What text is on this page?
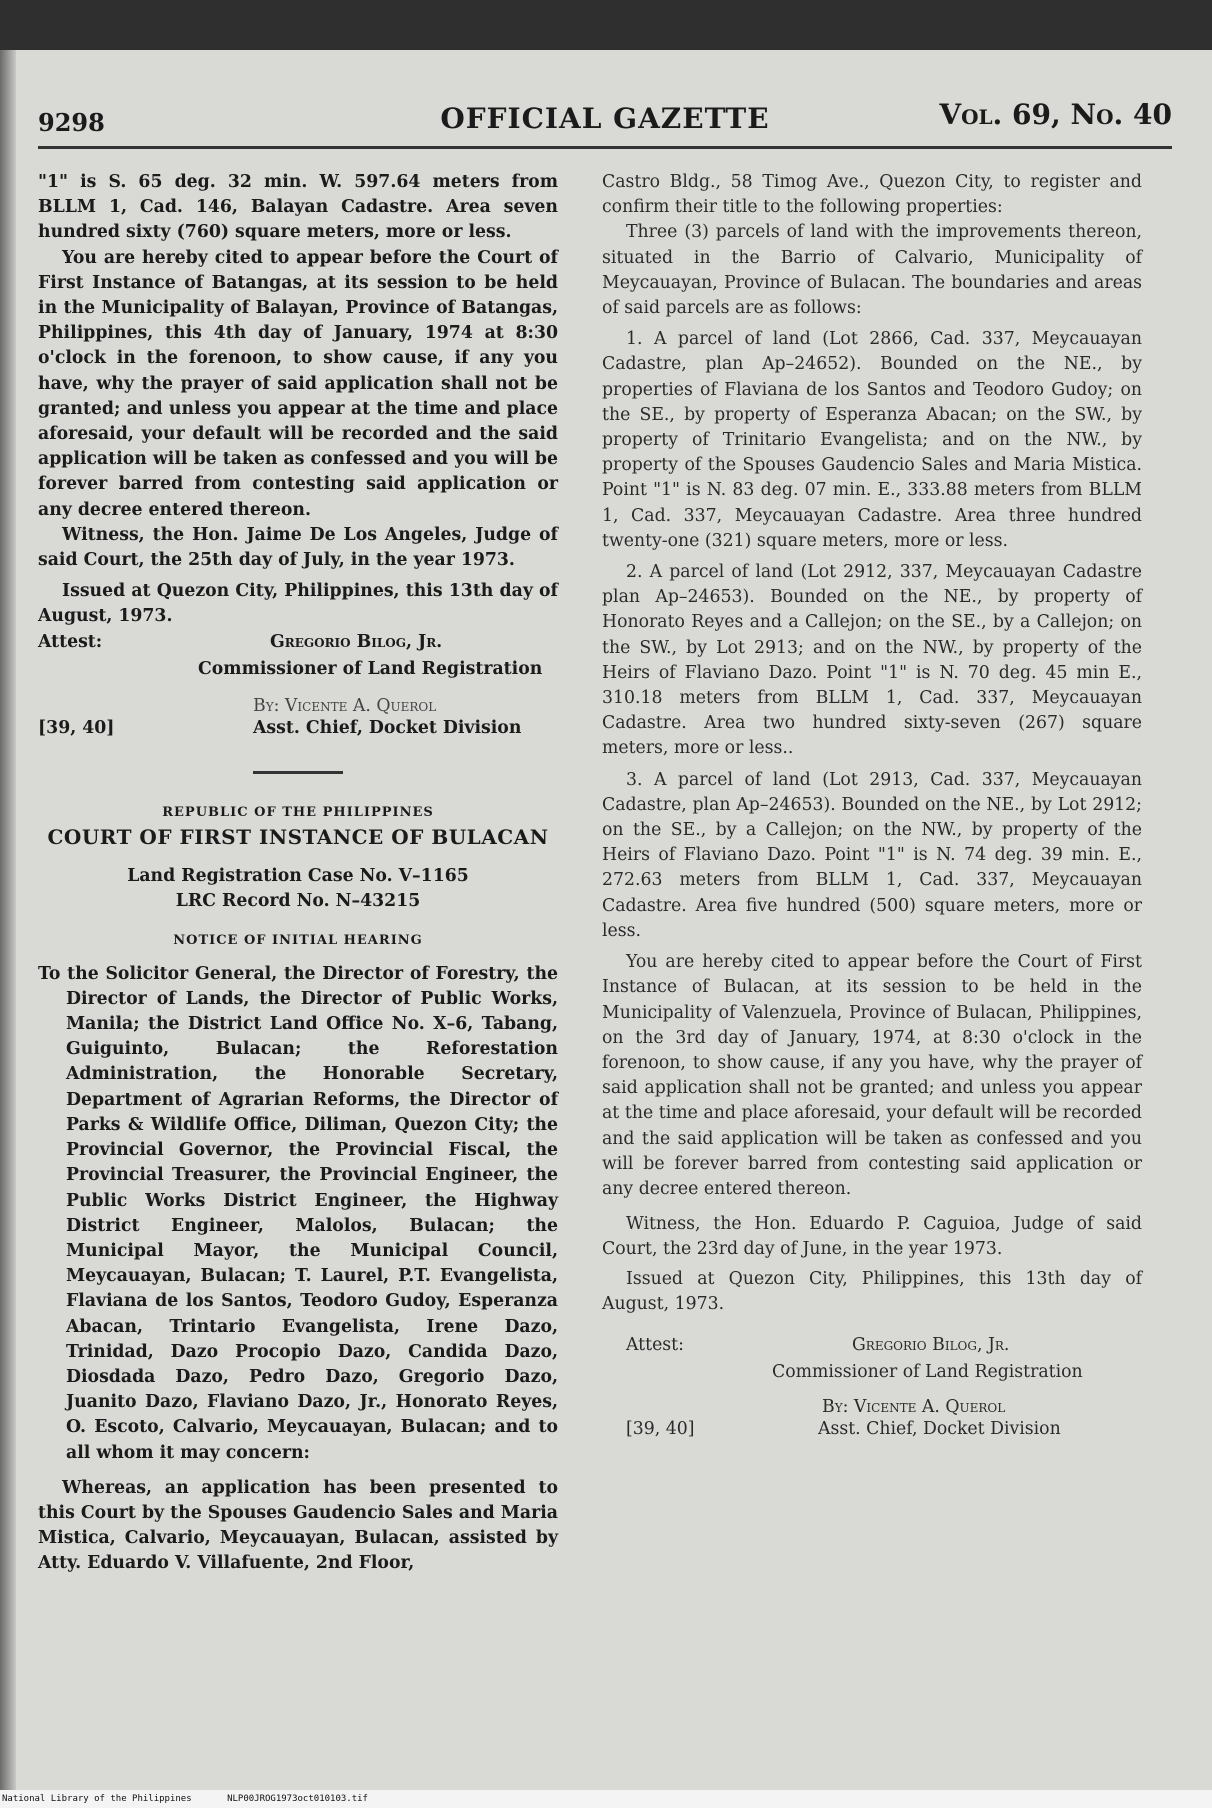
9298	OFFICIAL GAZETTE	Vol. 69, No. 40

"1" is S. 65 deg. 32 min. W. 597.64 meters from BLLM 1, Cad. 146, Balayan Cadastre. Area seven hundred sixty (760) square meters, more or less.

You are hereby cited to appear before the Court of First Instance of Batangas, at its session to be held in the Municipality of Balayan, Province of Batangas, Philippines, this 4th day of January, 1974 at 8:30 o'clock in the forenoon, to show cause, if any you have, why the prayer of said application shall not be granted; and unless you appear at the time and place aforesaid, your default will be recorded and the said application will be taken as confessed and you will be forever barred from contesting said application or any decree entered thereon.

Witness, the Hon. Jaime De Los Angeles, Judge of said Court, the 25th day of July, in the year 1973.

Issued at Quezon City, Philippines, this 13th day of August, 1973.

Attest:	Gregorio Bilog, Jr.
Commissioner of Land Registration
By: Vicente A. Querol
[39, 40]	Asst. Chief, Docket Division

REPUBLIC OF THE PHILIPPINES

COURT OF FIRST INSTANCE OF BULACAN

Land Registration Case No. V–1165

LRC Record No. N–43215

NOTICE OF INITIAL HEARING

To the Solicitor General, the Director of Forestry, the Director of Lands, the Director of Public Works, Manila; the District Land Office No. X–6, Tabang, Guiguinto, Bulacan; the Reforestation Administration, the Honorable Secretary, Department of Agrarian Reforms, the Director of Parks & Wildlife Office, Diliman, Quezon City; the Provincial Governor, the Provincial Fiscal, the Provincial Treasurer, the Provincial Engineer, the Public Works District Engineer, the Highway District Engineer, Malolos, Bulacan; the Municipal Mayor, the Municipal Council, Meycauayan, Bulacan; T. Laurel, P.T. Evangelista, Flaviana de los Santos, Teodoro Gudoy, Esperanza Abacan, Trintario Evangelista, Irene Dazo, Trinidad, Dazo Procopio Dazo, Candida Dazo, Diosdada Dazo, Pedro Dazo, Gregorio Dazo, Juanito Dazo, Flaviano Dazo, Jr., Honorato Reyes, O. Escoto, Calvario, Meycauayan, Bulacan; and to all whom it may concern:

Whereas, an application has been presented to this Court by the Spouses Gaudencio Sales and Maria Mistica, Calvario, Meycauayan, Bulacan, assisted by Atty. Eduardo V. Villafuente, 2nd Floor,

Castro Bldg., 58 Timog Ave., Quezon City, to register and confirm their title to the following properties:

Three (3) parcels of land with the improvements thereon, situated in the Barrio of Calvario, Municipality of Meycauayan, Province of Bulacan. The boundaries and areas of said parcels are as follows:

1. A parcel of land (Lot 2866, Cad. 337, Meycauayan Cadastre, plan Ap–24652). Bounded on the NE., by properties of Flaviana de los Santos and Teodoro Gudoy; on the SE., by property of Esperanza Abacan; on the SW., by property of Trinitario Evangelista; and on the NW., by property of the Spouses Gaudencio Sales and Maria Mistica. Point "1" is N. 83 deg. 07 min. E., 333.88 meters from BLLM 1, Cad. 337, Meycauayan Cadastre. Area three hundred twenty-one (321) square meters, more or less.

2. A parcel of land (Lot 2912, 337, Meycauayan Cadastre plan Ap–24653). Bounded on the NE., by property of Honorato Reyes and a Callejon; on the SE., by a Callejon; on the SW., by Lot 2913; and on the NW., by property of the Heirs of Flaviano Dazo. Point "1" is N. 70 deg. 45 min E., 310.18 meters from BLLM 1, Cad. 337, Meycauayan Cadastre. Area two hundred sixty-seven (267) square meters, more or less..

3. A parcel of land (Lot 2913, Cad. 337, Meycauayan Cadastre, plan Ap–24653). Bounded on the NE., by Lot 2912; on the SE., by a Callejon; on the NW., by property of the Heirs of Flaviano Dazo. Point "1" is N. 74 deg. 39 min. E., 272.63 meters from BLLM 1, Cad. 337, Meycauayan Cadastre. Area five hundred (500) square meters, more or less.

You are hereby cited to appear before the Court of First Instance of Bulacan, at its session to be held in the Municipality of Valenzuela, Province of Bulacan, Philippines, on the 3rd day of January, 1974, at 8:30 o'clock in the forenoon, to show cause, if any you have, why the prayer of said application shall not be granted; and unless you appear at the time and place aforesaid, your default will be recorded and the said application will be taken as confessed and you will be forever barred from contesting said application or any decree entered thereon.

Witness, the Hon. Eduardo P. Caguioa, Judge of said Court, the 23rd day of June, in the year 1973.

Issued at Quezon City, Philippines, this 13th day of August, 1973.

Attest:	Gregorio Bilog, Jr.
Commissioner of Land Registration
By: Vicente A. Querol
[39, 40]	Asst. Chief, Docket Division
National Library of the Philippines	NLP00JROG1973oct010103.tif
